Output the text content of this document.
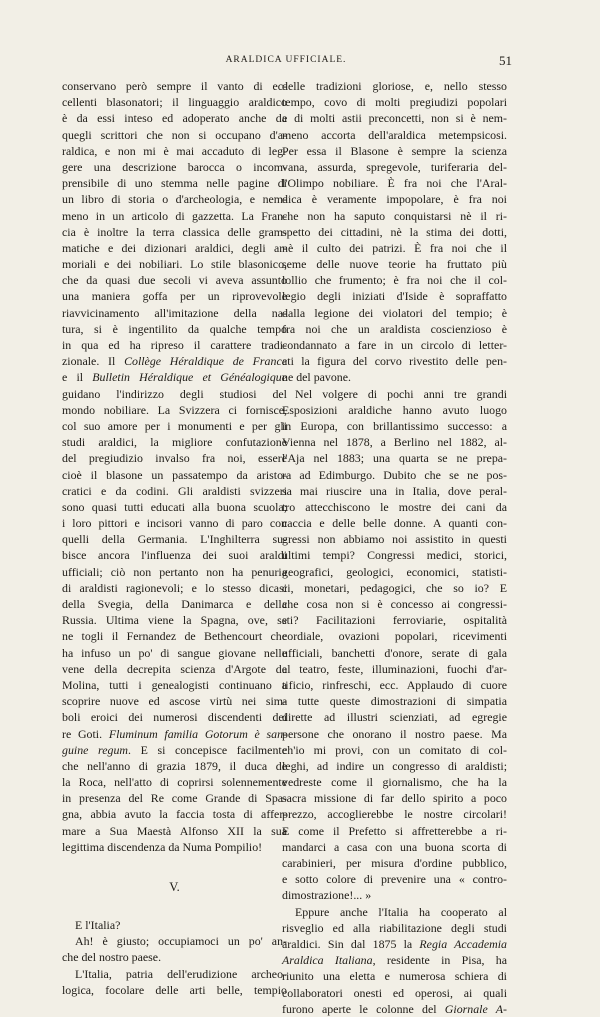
ARALDICA UFFICIALE.	51
conservano però sempre il vanto di ec-
cellenti blasonatori; il linguaggio araldico
è da essi inteso ed adoperato anche da
quegli scrittori che non si occupano d'a-
raldica, e non mi è mai accaduto di leg-
gere una descrizione barocca o incom-
prensibile di uno stemma nelle pagine di
un libro di storia o d'archeologia, e nem-
meno in un articolo di gazzetta. La Fran-
cia è inoltre la terra classica delle gram-
matiche e dei dizionari araldici, degli ar-
moriali e dei nobiliari. Lo stile blasonico,
che da quasi due secoli vi aveva assunto
una maniera goffa per un riprovevole
riavvicinamento all'imitazione della na-
tura, si è ingentilito da qualche tempo
in qua ed ha ripreso il carattere tradi-
zionale. Il Collège Héraldique de France
e il Bulletin Héraldique et Généalogique
guidano l'indirizzo degli studiosi del
mondo nobiliare. La Svizzera ci fornisce,
col suo amore per i monumenti e per gli
studi araldici, la migliore confutazione
del pregiudizio invalso fra noi, essere
cioè il blasone un passatempo da aristo-
cratici e da codini. Gli araldisti svizzeri
sono quasi tutti educati alla buona scuola;
i loro pittori e incisori vanno di paro con
quelli della Germania. L'Inghilterra su-
bisce ancora l'influenza dei suoi araldi
ufficiali; ciò non pertanto non ha penuria
di araldisti ragionevoli; e lo stesso dicasi
della Svegia, della Danimarca e della
Russia. Ultima viene la Spagna, ove, se
ne togli il Fernandez de Bethencourt che
ha infuso un po' di sangue giovane nelle
vene della decrepita scienza d'Argote de
Molina, tutti i genealogisti continuano a
scoprire nuove ed ascose virtù nei sim-
boli eroici dei numerosi discendenti dei
re Goti. Fluminum familia Gotorum è san-
guine regum. E si concepisce facilmente
che nell'anno di grazia 1879, il duca de
la Roca, nell'atto di coprirsi solennemente
in presenza del Re come Grande di Spa-
gna, abbia avuto la faccia tosta di affer-
mare a Sua Maestà Alfonso XII la sua
legittima discendenza da Numa Pompilio!
V.
E l'Italia?
Ah! è giusto; occupiamoci un po' an-
che del nostro paese.
L'Italia, patria dell'erudizione archeo-
logica, focolare delle arti belle, tempio
delle tradizioni gloriose, e, nello stesso
tempo, covo di molti pregiudizi popolari
e di molti astii preconcetti, non si è nem-
meno accorta dell'araldica metempsicosi.
Per essa il Blasone è sempre la scienza
vana, assurda, spregevole, turiferaria del-
l'Olimpo nobiliare. È fra noi che l'Aral-
dica è veramente impopolare, è fra noi
che non ha saputo conquistarsi nè il ri-
spetto dei cittadini, nè la stima dei dotti,
nè il culto dei patrizi. È fra noi che il
seme delle nuove teorie ha fruttato più
lollio che frumento; è fra noi che il col-
legio degli iniziati d'Iside è sopraffatto
dalla legione dei violatori del tempio; è
fra noi che un araldista coscienzioso è
condannato a fare in un circolo di letter-
ati la figura del corvo rivestito delle pen-
ne del pavone.
Nel volgere di pochi anni tre grandi
Esposizioni araldiche hanno avuto luogo
in Europa, con brillantissimo successo: a
Vienna nel 1878, a Berlino nel 1882, al-
l'Aja nel 1883; una quarta se ne prepa-
ra ad Edimburgo. Dubito che se ne pos-
sa mai riuscire una in Italia, dove peral-
tro attecchiscono le mostre dei cani da
caccia e delle belle donne. A quanti con-
gressi non abbiamo noi assistito in questi
ultimi tempi? Congressi medici, storici,
geografici, geologici, economici, statisti-
ci, monetari, pedagogici, che so io? E
che cosa non si è concesso ai congressi-
sti? Facilitazioni ferroviarie, ospitalità
cordiale, ovazioni popolari, ricevimenti
ufficiali, banchetti d'onore, serate di gala
al teatro, feste, illuminazioni, fuochi d'ar-
tificio, rinfreschi, ecc. Applaudo di cuore
a tutte queste dimostrazioni di simpatia
dirette ad illustri scienziati, ad egregie
persone che onorano il nostro paese. Ma
ch'io mi provi, con un comitato di col-
leghi, ad indire un congresso di araldisti;
vedreste come il giornalismo, che ha la
sacra missione di far dello spirito a poco
prezzo, accoglierebbe le nostre circolari!
E come il Prefetto si affretterebbe a ri-
mandarci a casa con una buona scorta di
carabinieri, per misura d'ordine pubblico,
e sotto colore di prevenire una « contro-
dimostrazione!... »
Eppure anche l'Italia ha cooperato al
risveglio ed alla riabilitazione degli studi
araldici. Sin dal 1875 la Regia Accademia
Araldica Italiana, residente in Pisa, ha
riunito una eletta e numerosa schiera di
collaboratori onesti ed operosi, ai quali
furono aperte le colonne del Giornale A-
